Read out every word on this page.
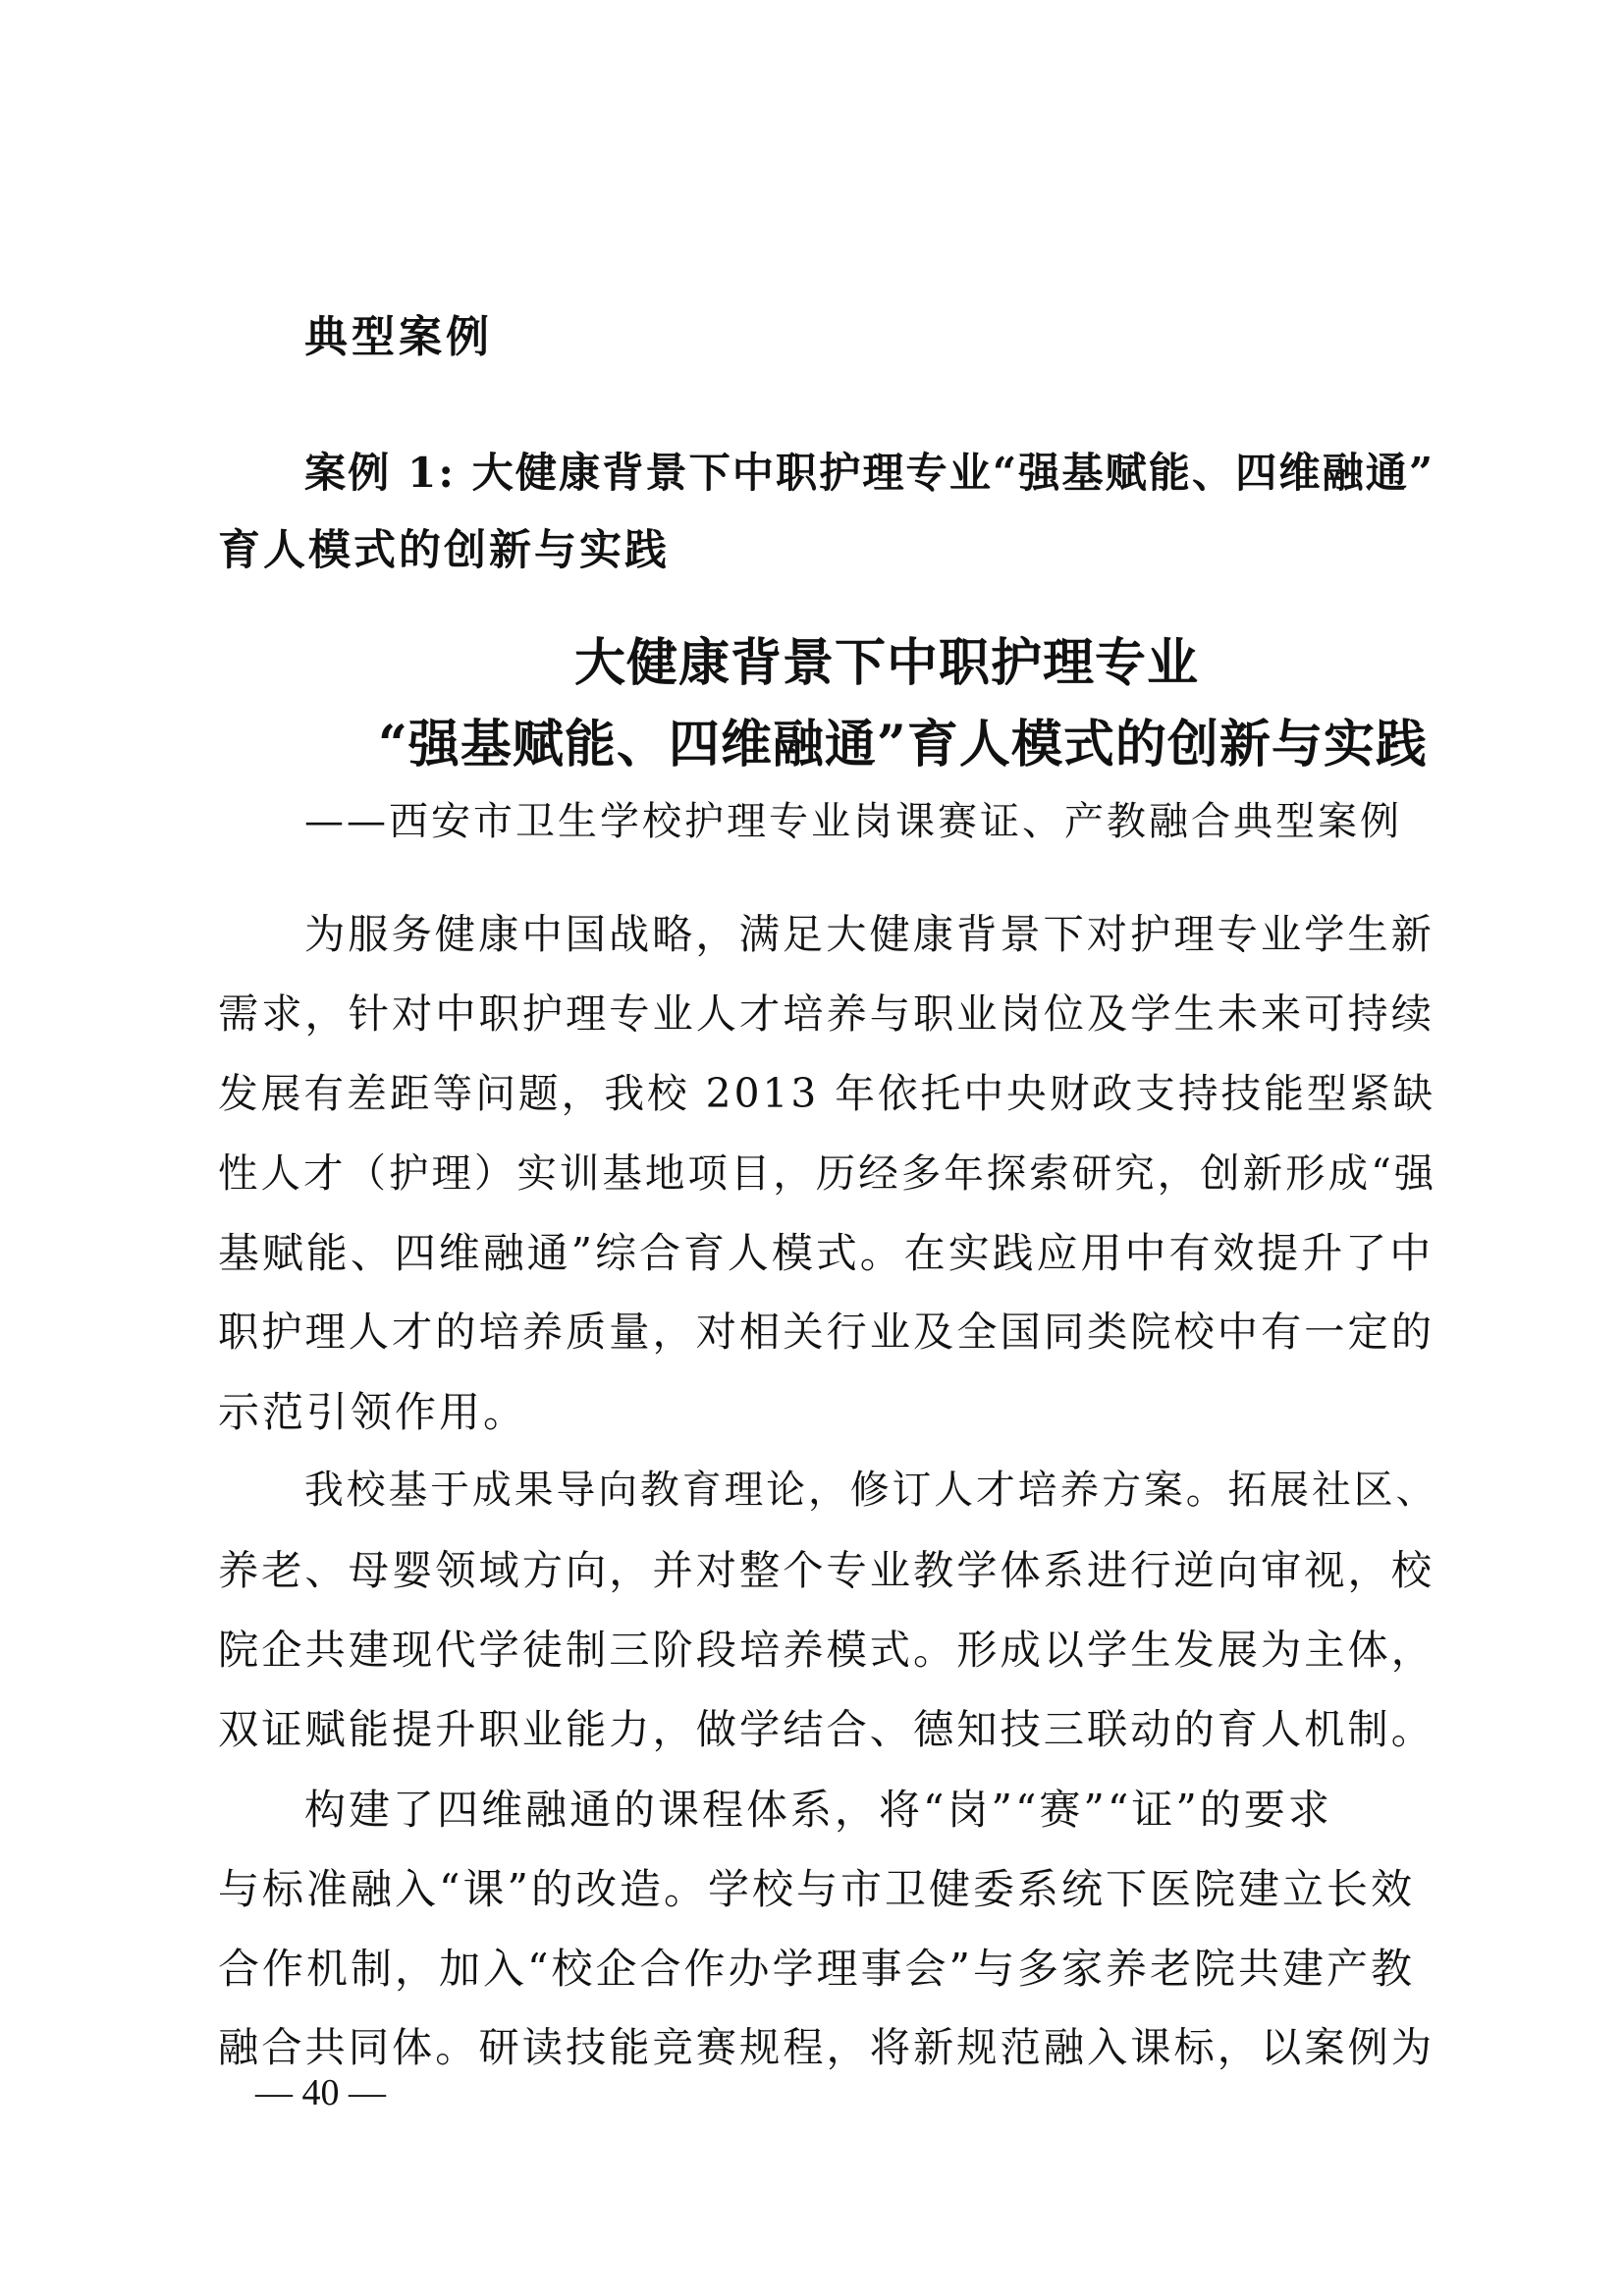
典型案例
案例 1: 大健康背景下中职护理专业“强基赋能、四维融通”
育人模式的创新与实践
大健康背景下中职护理专业
“强基赋能、四维融通”育人模式的创新与实践
——西安市卫生学校护理专业岗课赛证、产教融合典型案例
为服务健康中国战略，满足大健康背景下对护理专业学生新
需求，针对中职护理专业人才培养与职业岗位及学生未来可持续
发展有差距等问题，我校 2013 年依托中央财政支持技能型紧缺
性人才（护理）实训基地项目，历经多年探索研究，创新形成“强
基赋能、四维融通”综合育人模式。在实践应用中有效提升了中
职护理人才的培养质量，对相关行业及全国同类院校中有一定的
示范引领作用。
我校基于成果导向教育理论，修订人才培养方案。拓展社区、
养老、母婴领域方向，并对整个专业教学体系进行逆向审视，校
院企共建现代学徒制三阶段培养模式。形成以学生发展为主体，
双证赋能提升职业能力，做学结合、德知技三联动的育人机制。
构建了四维融通的课程体系，将“岗”“赛”“证”的要求
与标准融入“课”的改造。学校与市卫健委系统下医院建立长效
合作机制，加入“校企合作办学理事会”与多家养老院共建产教
融合共同体。研读技能竞赛规程，将新规范融入课标，以案例为
— 40 —
